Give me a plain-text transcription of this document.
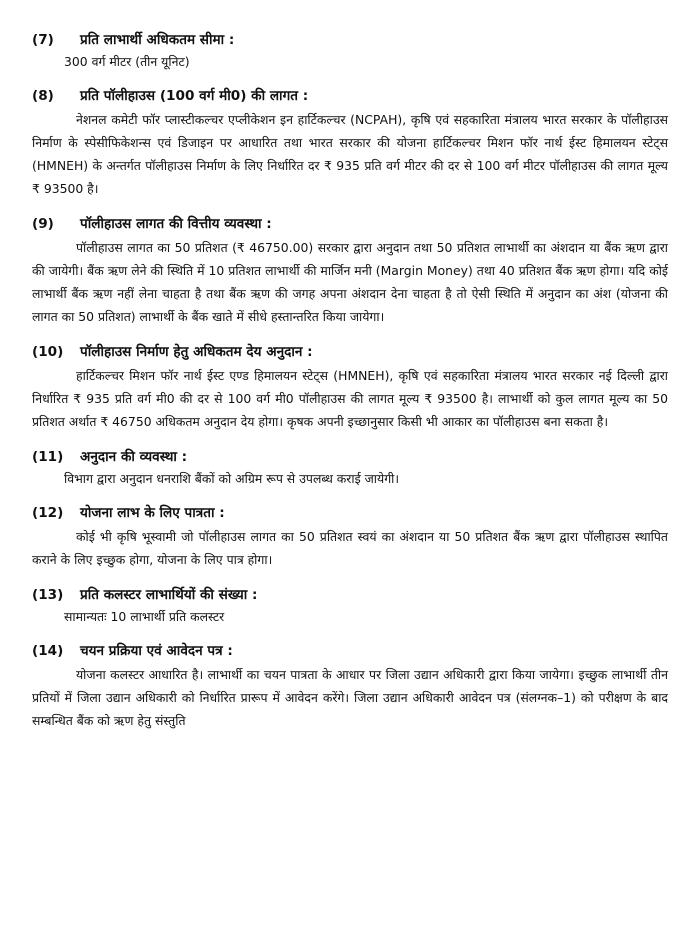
(7)	प्रति लाभार्थी अधिकतम सीमा :
300 वर्ग मीटर (तीन यूनिट)
(8)	प्रति पॉलीहाउस (100 वर्ग मी0) की लागत :

नेशनल कमेटी फॉर प्लास्टीकल्चर एप्लीकेशन इन हार्टिकल्चर (NCPAH), कृषि एवं सहकारिता मंत्रालय भारत सरकार के पॉलीहाउस निर्माण के स्पेसीफिकेशन्स एवं डिजाइन पर आधारित तथा भारत सरकार की योजना हार्टिकल्चर मिशन फॉर नार्थ ईस्ट हिमालयन स्टेट्स (HMNEH) के अन्तर्गत पॉलीहाउस निर्माण के लिए निर्धारित दर ₹ 935 प्रति वर्ग मीटर की दर से 100 वर्ग मीटर पॉलीहाउस की लागत मूल्य ₹ 93500 है।

(9)	पॉलीहाउस लागत की वित्तीय व्यवस्था :

पॉलीहाउस लागत का 50 प्रतिशत (₹ 46750.00) सरकार द्वारा अनुदान तथा 50 प्रतिशत लाभार्थी का अंशदान या बैंक ऋण द्वारा की जायेगी। बैंक ऋण लेने की स्थिति में 10 प्रतिशत लाभार्थी की मार्जिन मनी (Margin Money) तथा 40 प्रतिशत बैंक ऋण होगा। यदि कोई लाभार्थी बैंक ऋण नहीं लेना चाहता है तथा बैंक ऋण की जगह अपना अंशदान देना चाहता है तो ऐसी स्थिति में अनुदान का अंश (योजना की लागत का 50 प्रतिशत) लाभार्थी के बैंक खाते में सीधे हस्तान्तरित किया जायेगा।

(10)	पॉलीहाउस निर्माण हेतु अधिकतम देय अनुदान :

हार्टिकल्चर मिशन फॉर नार्थ ईस्ट एण्ड हिमालयन स्टेट्स (HMNEH), कृषि एवं सहकारिता मंत्रालय भारत सरकार नई दिल्ली द्वारा निर्धारित ₹ 935 प्रति वर्ग मी0 की दर से 100 वर्ग मी0 पॉलीहाउस की लागत मूल्य ₹ 93500 है। लाभार्थी को कुल लागत मूल्य का 50 प्रतिशत अर्थात ₹ 46750 अधिकतम अनुदान देय होगा। कृषक अपनी इच्छानुसार किसी भी आकार का पॉलीहाउस बना सकता है।

(11)	अनुदान की व्यवस्था :
विभाग द्वारा अनुदान धनराशि बैंकों को अग्रिम रूप से उपलब्ध कराई जायेगी।
(12)	योजना लाभ के लिए पात्रता :

कोई भी कृषि भूस्वामी जो पॉलीहाउस लागत का 50 प्रतिशत स्वयं का अंशदान या 50 प्रतिशत बैंक ऋण द्वारा पॉलीहाउस स्थापित कराने के लिए इच्छुक होगा, योजना के लिए पात्र होगा।

(13)	प्रति कलस्टर लाभार्थियों की संख्या :
सामान्यतः 10 लाभार्थी प्रति कलस्टर
(14)	चयन प्रक्रिया एवं आवेदन पत्र :

योजना कलस्टर आधारित है। लाभार्थी का चयन पात्रता के आधार पर जिला उद्यान अधिकारी द्वारा किया जायेगा। इच्छुक लाभार्थी तीन प्रतियों में जिला उद्यान अधिकारी को निर्धारित प्रारूप में आवेदन करेंगे। जिला उद्यान अधिकारी आवेदन पत्र (संलग्नक–1) को परीक्षण के बाद सम्बन्धित बैंक को ऋण हेतु संस्तुति
